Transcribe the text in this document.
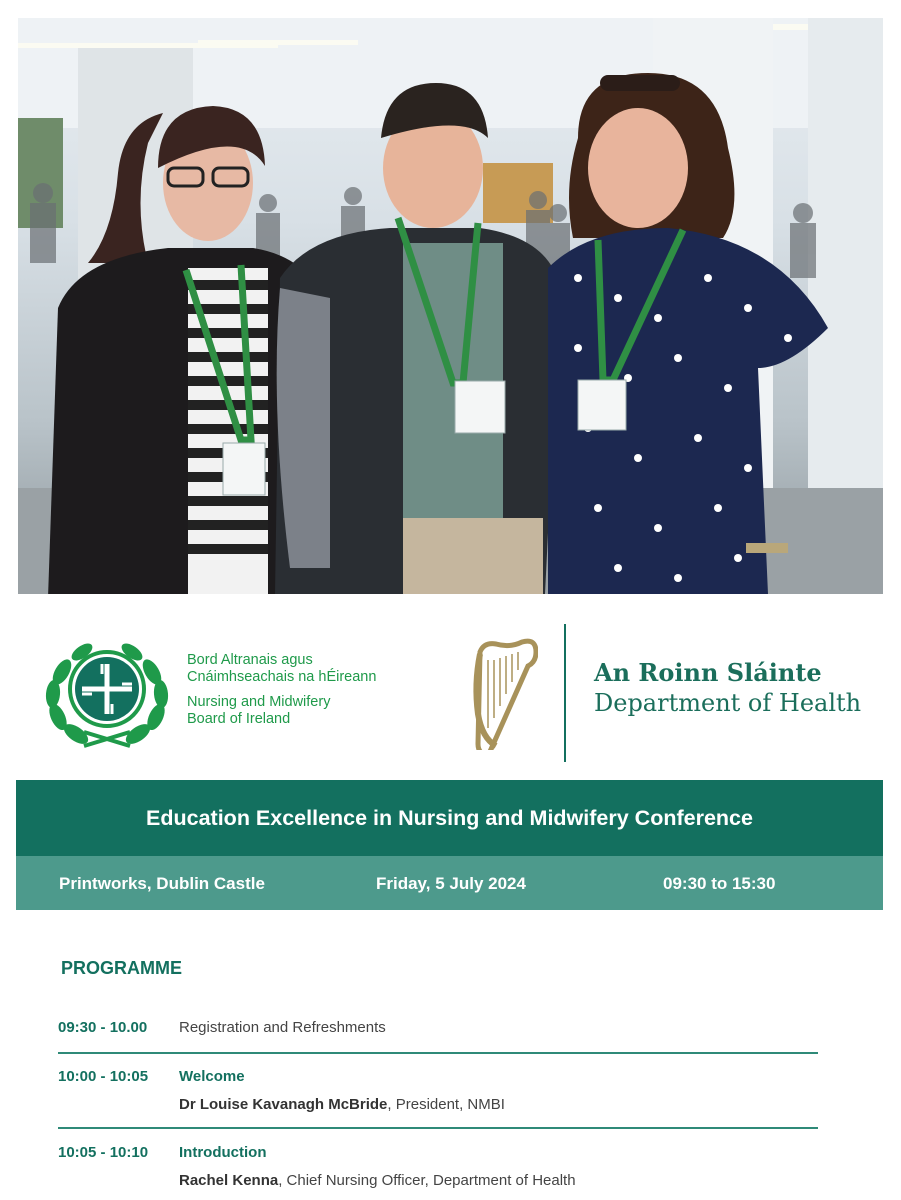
Bord Altranais agus
Cnáimhseachais na hÉireann
Nursing and Midwifery
Board of Ireland
An Roinn Sláinte
Department of Health
Education Excellence in Nursing and Midwifery Conference
Printworks, Dublin Castle	Friday, 5 July 2024	09:30 to 15:30
PROGRAMME
09:30 - 10.00 Registration and Refreshments
10:00 - 10:05 Welcome
Dr Louise Kavanagh McBride, President, NMBI
10:05 - 10:10 Introduction
Rachel Kenna, Chief Nursing Officer, Department of Health
